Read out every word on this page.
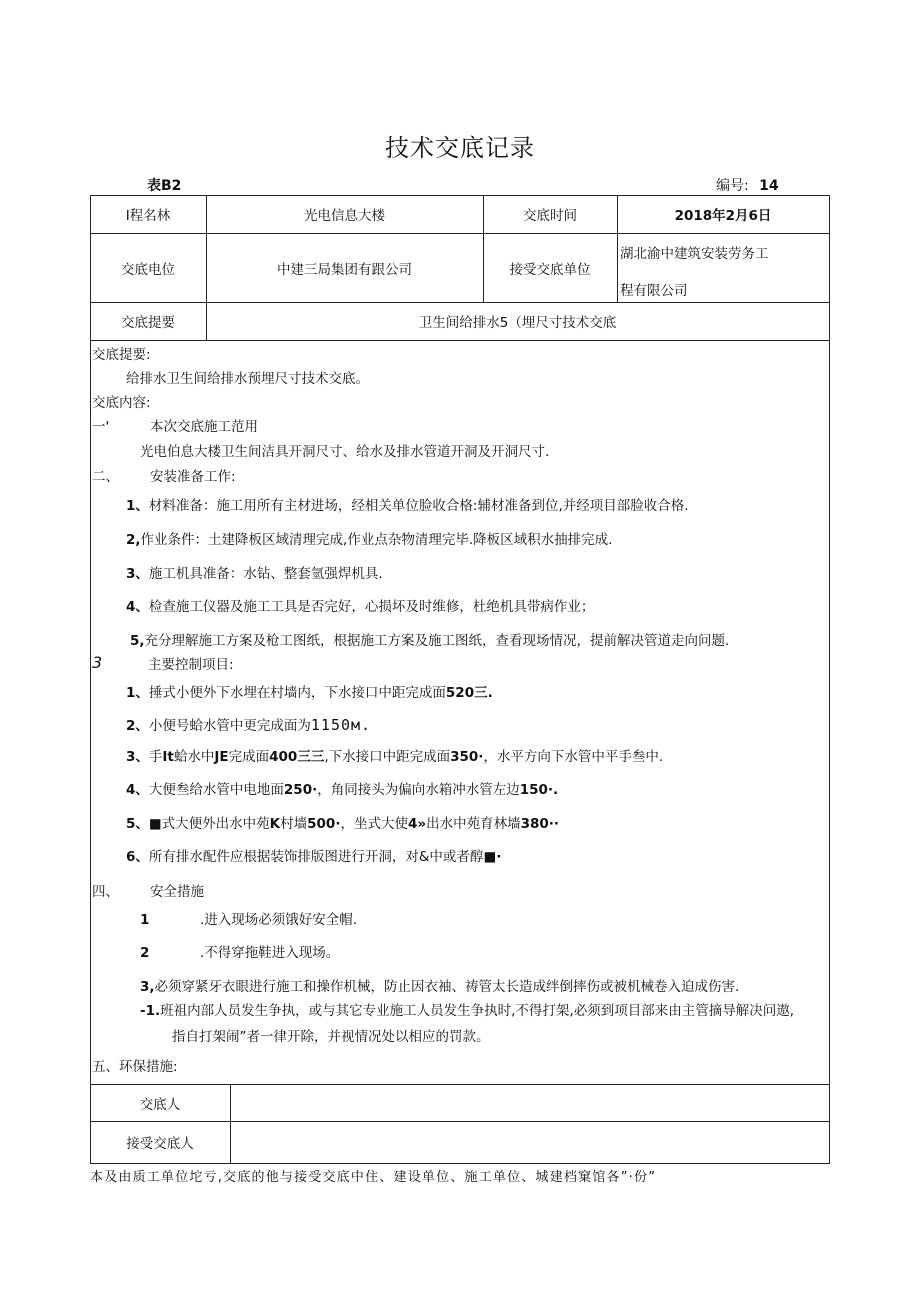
技术交底记录
表B2	编号: 14
I程名林	光电信息大楼	交底时间	2018年2月6日
交底电位	中建三局集团有跟公司	接受交底单位
湖北渝中建筑安装劳务工
程有限公司
交底提要	卫生间给排水5（埋尺寸技术交底
交底提要:
给排水卫生间给排水预埋尺寸技术交底。
交底内容:
一'	本次交底施工范用
光电伯息大楼卫生间洁具开洞尺寸、给水及排水管道开洞及开洞尺寸.
二、 安装准备工作:
1、材料准备：施工用所有主材进场，经相关单位脸收合格:辅材准备到位,并经项目部脸收合格.
2,作业条件：土建降板区域清理完成,作业点杂物清理完毕.降板区域积水抽排完成.
3、施工机具准备：水钻、整套氫强焊机具.
4、检查施工仪器及施工工具是否完好，心损坏及时维修，杜绝机具带病作业；
5,充分理解施工方案及枪工图纸，根据施工方案及施工图纸，查看现场情况，提前解决管道走向问题.
3	主要控制项目:
1、捶式小便外下水埋在村墙内，下水接口中距完成面520三.
2、小便号蛤水管中更完成面为1150м.
3、手It蛤水中JE完成面400三三,下水接口中距完成面350·，水平方向下水管中平手叁中.
4、大便叁给水管中电地面250·，角同接头为偏向水箱冲水管左边150·.
5、■式大便外出水中苑K村墙500·，坐式大使4»出水中苑育林墙380··
6、所有排水配件应根据装饰排版图进行开洞，对&中或者醇■·
四、 安全措施
1	.进入现场必须饿好安全帽.
2	.不得穿拖鞋进入现场。
3,必须穿紧牙衣眼进行施工和操作机械，防止因衣袖、祷管太长造成绊倒摔伤或被机械卷入迫成伤害.
-1.班祖内部人员发生争执，或与其它专业施工人员发生争执时,不得打架,必须到项目部来由主管摘导解决问遨,
指自打架闹”者一律开除，并视情况处以相应的罚款。
五、环保措施:
交底人
接受交底人
本及由质工单位坨亏,交底的他与接受交底中住、建设单位、施工单位、城建档窠馆各”·份”
